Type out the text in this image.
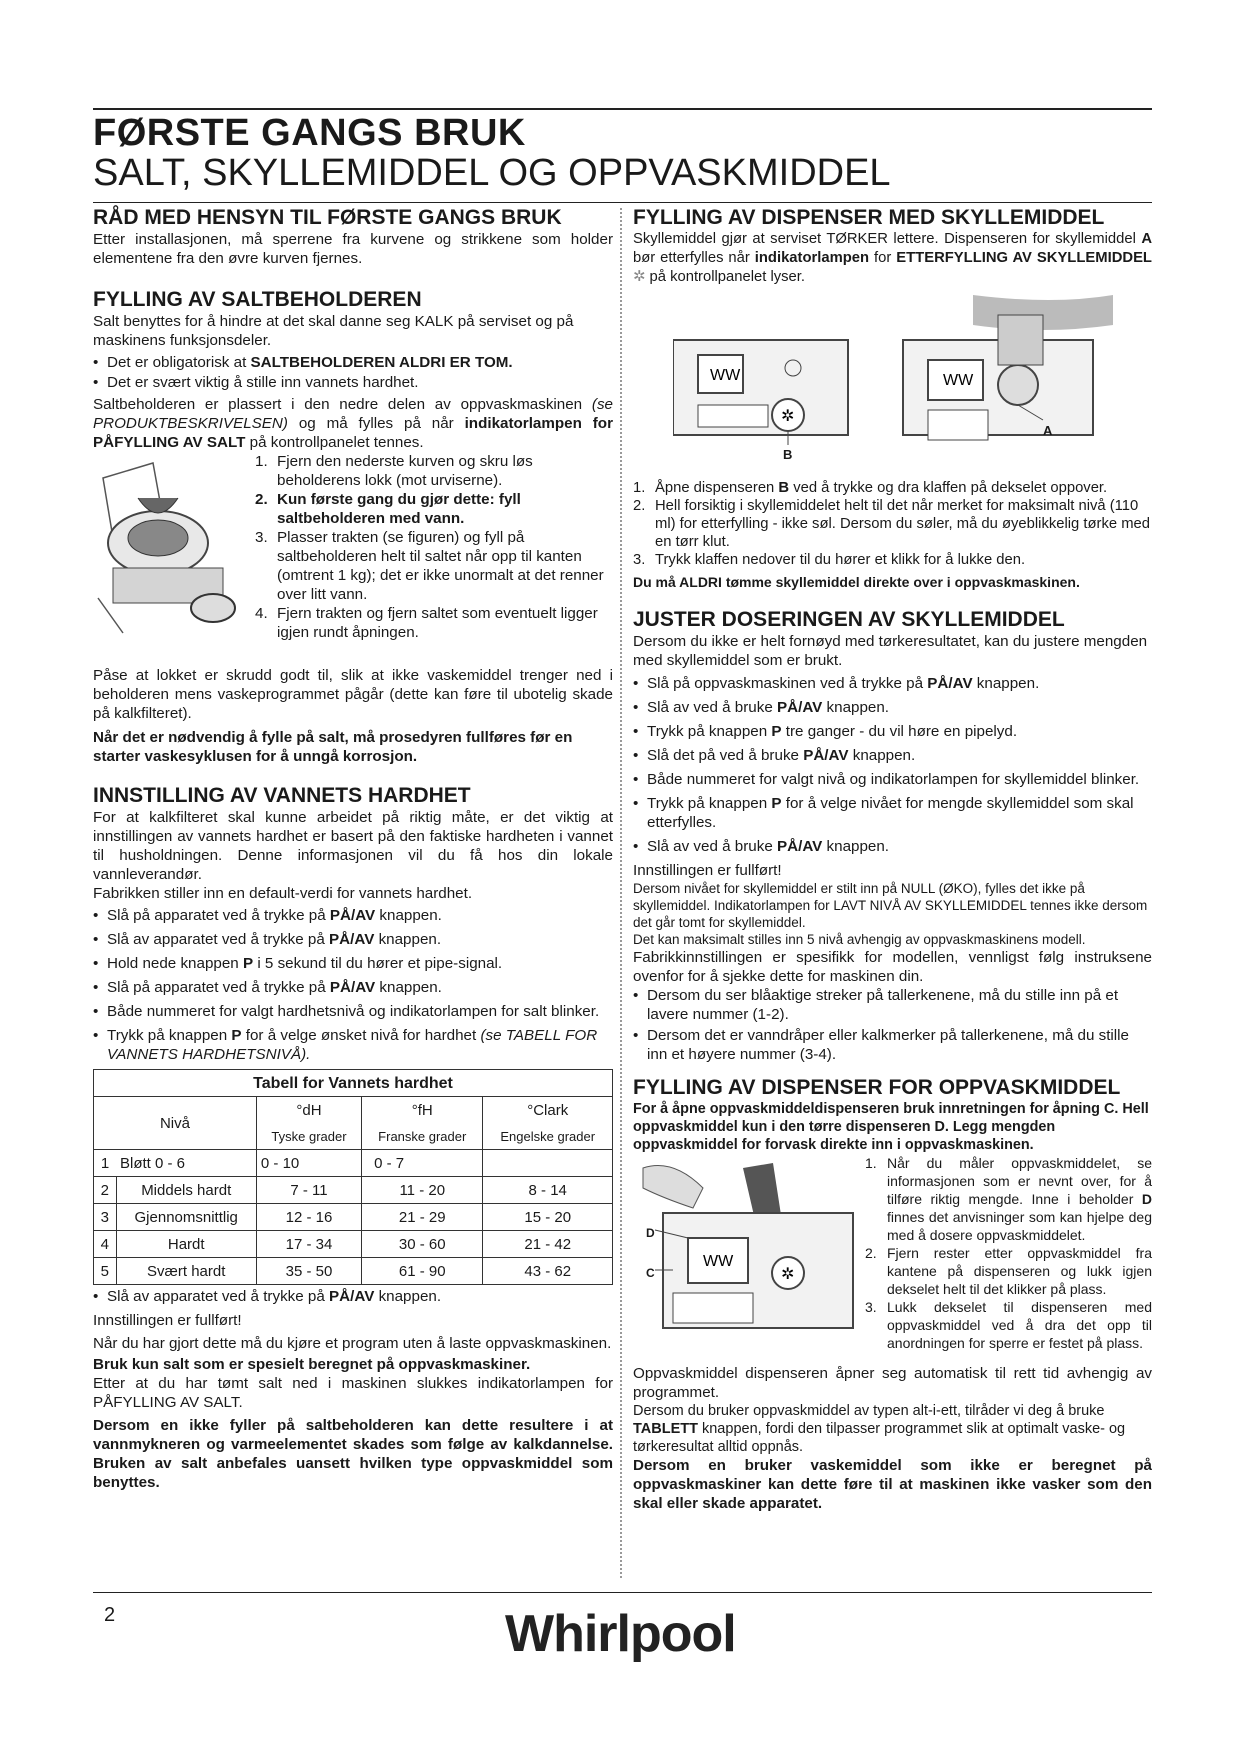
FØRSTE GANGS BRUK
SALT, SKYLLEMIDDEL OG OPPVASKMIDDEL

RÅD MED HENSYN TIL FØRSTE GANGS BRUK

Etter installasjonen, må sperrene fra kurvene og strikkene som holder elementene fra den øvre kurven fjernes.

FYLLING AV SALTBEHOLDEREN

Salt benyttes for å hindre at det skal danne seg KALK på serviset og på maskinens funksjonsdeler.

• Det er obligatorisk at SALTBEHOLDEREN ALDRI ER TOM.
• Det er svært viktig å stille inn vannets hardhet.

Saltbeholderen er plassert i den nedre delen av oppvaskmaskinen (se PRODUKTBESKRIVELSEN) og må fylles på når indikatorlampen for PÅFYLLING AV SALT på kontrollpanelet tennes.

1. Fjern den nederste kurven og skru løs beholderens lokk (mot urviserne).
2. Kun første gang du gjør dette: fyll saltbeholderen med vann.
3. Plasser trakten (se figuren) og fyll på saltbeholderen helt til saltet når opp til kanten (omtrent 1 kg); det er ikke unormalt at det renner over litt vann.
4. Fjern trakten og fjern saltet som eventuelt ligger igjen rundt åpningen.

Påse at lokket er skrudd godt til, slik at ikke vaskemiddel trenger ned i beholderen mens vaskeprogrammet pågår (dette kan føre til ubotelig skade på kalkfilteret).

Når det er nødvendig å fylle på salt, må prosedyren fullføres før en starter vaskesyklusen for å unngå korrosjon.

INNSTILLING AV VANNETS HARDHET

For at kalkfilteret skal kunne arbeidet på riktig måte, er det viktig at innstillingen av vannets hardhet er basert på den faktiske hardheten i vannet til husholdningen. Denne informasjonen vil du få hos din lokale vannleverandør.

Fabrikken stiller inn en default-verdi for vannets hardhet.

• Slå på apparatet ved å trykke på PÅ/AV knappen.
• Slå av apparatet ved å trykke på PÅ/AV knappen.
• Hold nede knappen P i 5 sekund til du hører et pipe-signal.
• Slå på apparatet ved å trykke på PÅ/AV knappen.
• Både nummeret for valgt hardhetsnivå og indikatorlampen for salt blinker.
• Trykk på knappen P for å velge ønsket nivå for hardhet (se TABELL FOR VANNETS HARDHETSNIVÅ).
Tabell for Vannets hardhet				
Nivå		°dH	°fH	°Clark
		Tyske grader	Franske grader	Engelske grader
1	Bløtt 0 - 6	0 - 10	0 - 7	
2	Middels hardt	7 - 11	11 - 20	8 - 14
3	Gjennomsnittlig	12 - 16	21 - 29	15 - 20
4	Hardt	17 - 34	30 - 60	21 - 42
5	Svært hardt	35 - 50	61 - 90	43 - 62
• Slå av apparatet ved å trykke på PÅ/AV knappen.

Innstillingen er fullført!

Når du har gjort dette må du kjøre et program uten å laste oppvaskmaskinen.

Bruk kun salt som er spesielt beregnet på oppvaskmaskiner.

Etter at du har tømt salt ned i maskinen slukkes indikatorlampen for PÅFYLLING AV SALT.

Dersom en ikke fyller på saltbeholderen kan dette resultere i at vannmykneren og varmeelementet skades som følge av kalkdannelse. Bruken av salt anbefales uansett hvilken type oppvaskmiddel som benyttes.

FYLLING AV DISPENSER MED SKYLLEMIDDEL

Skyllemiddel gjør at serviset TØRKER lettere. Dispenseren for skyllemiddel A bør etterfylles når indikatorlampen for ETTERFYLLING AV SKYLLEMIDDEL ✲ på kontrollpanelet lyser.

WW
✲
WW
B
A
1. Åpne dispenseren B ved å trykke og dra klaffen på dekselet oppover.
2. Hell forsiktig i skyllemiddelet helt til det når merket for maksimalt nivå (110 ml) for etterfylling - ikke søl. Dersom du søler, må du øyeblikkelig tørke med en tørr klut.
3. Trykk klaffen nedover til du hører et klikk for å lukke den.

Du må ALDRI tømme skyllemiddel direkte over i oppvaskmaskinen.

JUSTER DOSERINGEN AV SKYLLEMIDDEL

Dersom du ikke er helt fornøyd med tørkeresultatet, kan du justere mengden med skyllemiddel som er brukt.

• Slå på oppvaskmaskinen ved å trykke på PÅ/AV knappen.
• Slå av ved å bruke PÅ/AV knappen.
• Trykk på knappen P tre ganger - du vil høre en pipelyd.
• Slå det på ved å bruke PÅ/AV knappen.
• Både nummeret for valgt nivå og indikatorlampen for skyllemiddel blinker.
• Trykk på knappen P for å velge nivået for mengde skyllemiddel som skal etterfylles.
• Slå av ved å bruke PÅ/AV knappen.

Innstillingen er fullført!

Dersom nivået for skyllemiddel er stilt inn på NULL (ØKO), fylles det ikke på skyllemiddel. Indikatorlampen for LAVT NIVÅ AV SKYLLEMIDDEL tennes ikke dersom det går tomt for skyllemiddel.

Det kan maksimalt stilles inn 5 nivå avhengig av oppvaskmaskinens modell.

Fabrikkinnstillingen er spesifikk for modellen, vennligst følg instruksene ovenfor for å sjekke dette for maskinen din.

• Dersom du ser blåaktige streker på tallerkenene, må du stille inn på et lavere nummer (1-2).
• Dersom det er vanndråper eller kalkmerker på tallerkenene, må du stille inn et høyere nummer (3-4).

FYLLING AV DISPENSER FOR OPPVASKMIDDEL

For å åpne oppvaskmiddeldispenseren bruk innretningen for åpning C. Hell oppvaskmiddel kun i den tørre dispenseren D. Legg mengden oppvaskmiddel for forvask direkte inn i oppvaskmaskinen.

WW
✲
D
C
1. Når du måler oppvaskmiddelet, se informasjonen som er nevnt over, for å tilføre riktig mengde. Inne i beholder D finnes det anvisninger som kan hjelpe deg med å dosere oppvaskmiddelet.
2. Fjern rester etter oppvaskmiddel fra kantene på dispenseren og lukk igjen dekselet helt til det klikker på plass.
3. Lukk dekselet til dispenseren med oppvaskmiddel ved å dra det opp til anordningen for sperre er festet på plass.

Oppvaskmiddel dispenseren åpner seg automatisk til rett tid avhengig av programmet.

Dersom du bruker oppvaskmiddel av typen alt-i-ett, tilråder vi deg å bruke TABLETT knappen, fordi den tilpasser programmet slik at optimalt vaske- og tørkeresultat alltid oppnås.

Dersom en bruker vaskemiddel som ikke er beregnet på oppvaskmaskiner kan dette føre til at maskinen ikke vasker som den skal eller skade apparatet.

2	Whirlpool
